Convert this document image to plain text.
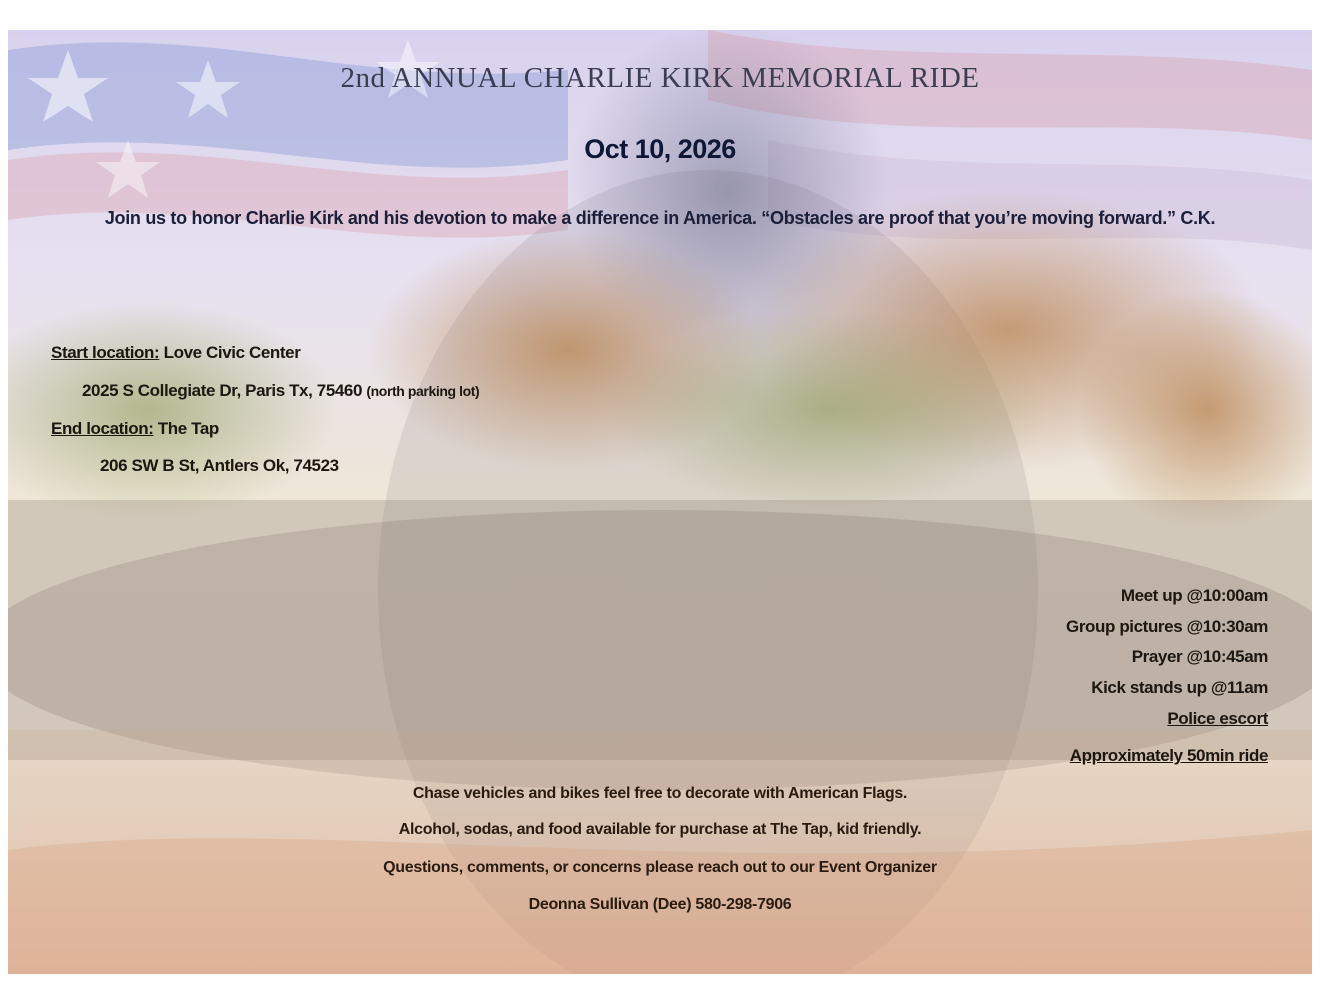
2nd ANNUAL CHARLIE KIRK MEMORIAL RIDE
Oct 10, 2026
Join us to honor Charlie Kirk and his devotion to make a difference in America. “Obstacles are proof that you’re moving forward.” C.K.
Start location: Love Civic Center
2025 S Collegiate Dr, Paris Tx, 75460 (north parking lot)
End location: The Tap
206 SW B St, Antlers Ok, 74523
Meet up @10:00am
Group pictures @10:30am
Prayer @10:45am
Kick stands up @11am
Police escort
Approximately 50min ride
Chase vehicles and bikes feel free to decorate with American Flags.
Alcohol, sodas, and food available for purchase at The Tap, kid friendly.
Questions, comments, or concerns please reach out to our Event Organizer
Deonna Sullivan (Dee) 580-298-7906
